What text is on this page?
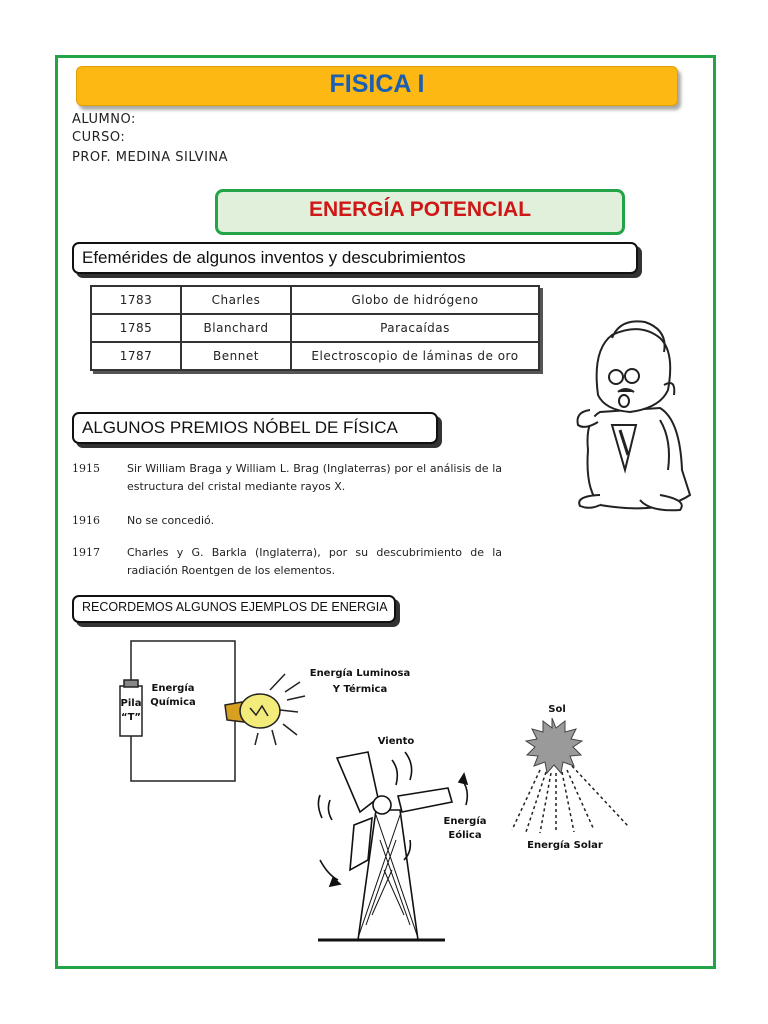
FISICA I
ALUMNO:
CURSO:
PROF. MEDINA SILVINA
ENERGÍA POTENCIAL
Efemérides de algunos inventos y descubrimientos
1783	Charles	Globo de hidrógeno
1785	Blanchard	Paracaídas
1787	Bennet	Electroscopio de láminas de oro
ALGUNOS PREMIOS NÓBEL DE FÍSICA
1915 Sir William Braga y William L. Brag (Inglaterras) por el análisis de la estructura del cristal mediante rayos X.
1916 No se concedió.
1917 Charles y G. Barkla (Inglaterra), por su descubrimiento de la radiación Roentgen de los elementos.
RECORDEMOS ALGUNOS EJEMPLOS DE ENERGIA
Pila
“T”
Energía
Química
Energía Luminosa
Y Térmica
Viento
Energía
Eólica
Sol
Energía Solar
